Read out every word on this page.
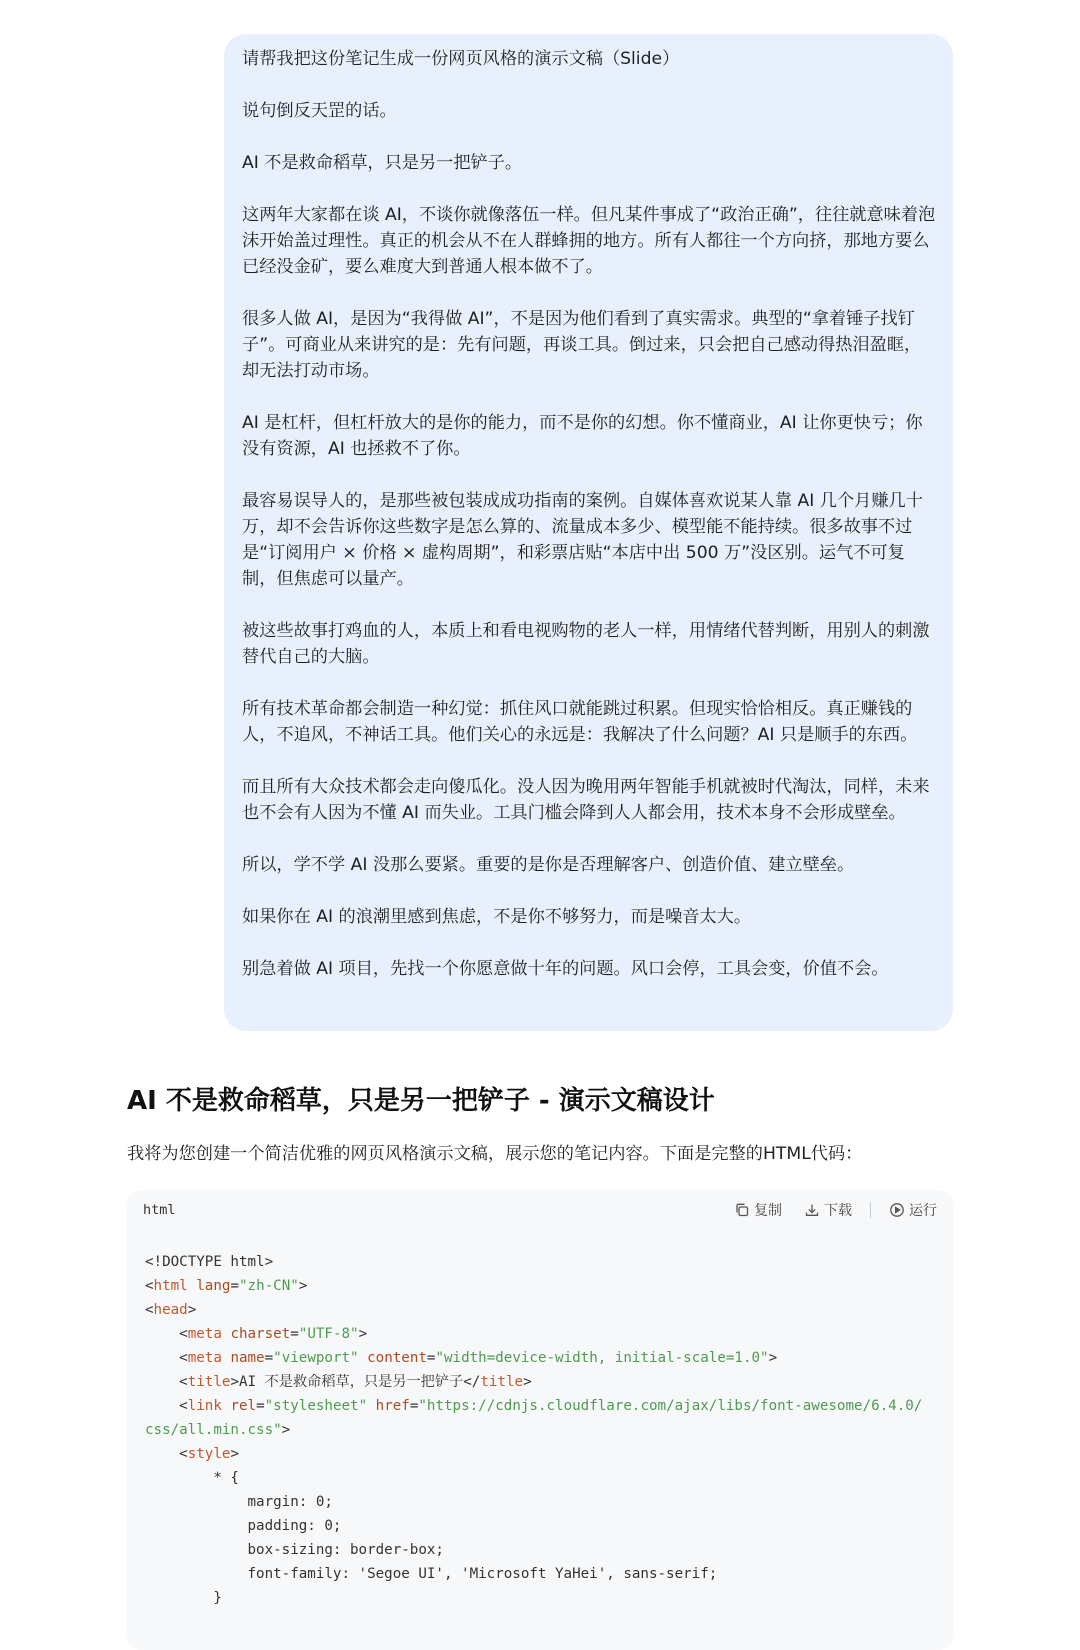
请帮我把这份笔记生成一份网页风格的演示文稿（Slide）

说句倒反天罡的话。

AI 不是救命稻草，只是另一把铲子。

这两年大家都在谈 AI，不谈你就像落伍一样。但凡某件事成了“政治正确”，往往就意味着泡沫开始盖过理性。真正的机会从不在人群蜂拥的地方。所有人都往一个方向挤，那地方要么已经没金矿，要么难度大到普通人根本做不了。

很多人做 AI，是因为“我得做 AI”，不是因为他们看到了真实需求。典型的“拿着锤子找钉子”。可商业从来讲究的是：先有问题，再谈工具。倒过来，只会把自己感动得热泪盈眶，却无法打动市场。

AI 是杠杆，但杠杆放大的是你的能力，而不是你的幻想。你不懂商业，AI 让你更快亏；你没有资源，AI 也拯救不了你。

最容易误导人的，是那些被包装成成功指南的案例。自媒体喜欢说某人靠 AI 几个月赚几十万，却不会告诉你这些数字是怎么算的、流量成本多少、模型能不能持续。很多故事不过是“订阅用户 × 价格 × 虚构周期”，和彩票店贴“本店中出 500 万”没区别。运气不可复制，但焦虑可以量产。

被这些故事打鸡血的人，本质上和看电视购物的老人一样，用情绪代替判断，用别人的刺激替代自己的大脑。

所有技术革命都会制造一种幻觉：抓住风口就能跳过积累。但现实恰恰相反。真正赚钱的人，不追风，不神话工具。他们关心的永远是：我解决了什么问题？AI 只是顺手的东西。

而且所有大众技术都会走向傻瓜化。没人因为晚用两年智能手机就被时代淘汰，同样，未来也不会有人因为不懂 AI 而失业。工具门槛会降到人人都会用，技术本身不会形成壁垒。

所以，学不学 AI 没那么要紧。重要的是你是否理解客户、创造价值、建立壁垒。

如果你在 AI 的浪潮里感到焦虑，不是你不够努力，而是噪音太大。

别急着做 AI 项目，先找一个你愿意做十年的问题。风口会停，工具会变，价值不会。

AI 不是救命稻草，只是另一把铲子 - 演示文稿设计

我将为您创建一个简洁优雅的网页风格演示文稿，展示您的笔记内容。下面是完整的HTML代码：

html	复制	下载	运行
<!DOCTYPE html>
<html lang="zh-CN">
<head>
<meta charset="UTF-8">
<meta name="viewport" content="width=device-width, initial-scale=1.0">
<title>AI 不是救命稻草，只是另一把铲子</title>
<link rel="stylesheet" href="https://cdnjs.cloudflare.com/ajax/libs/font-awesome/6.4.0/
css/all.min.css">
<style>
* {
margin: 0;
padding: 0;
box-sizing: border-box;
font-family: 'Segoe UI', 'Microsoft YaHei', sans-serif;
}
